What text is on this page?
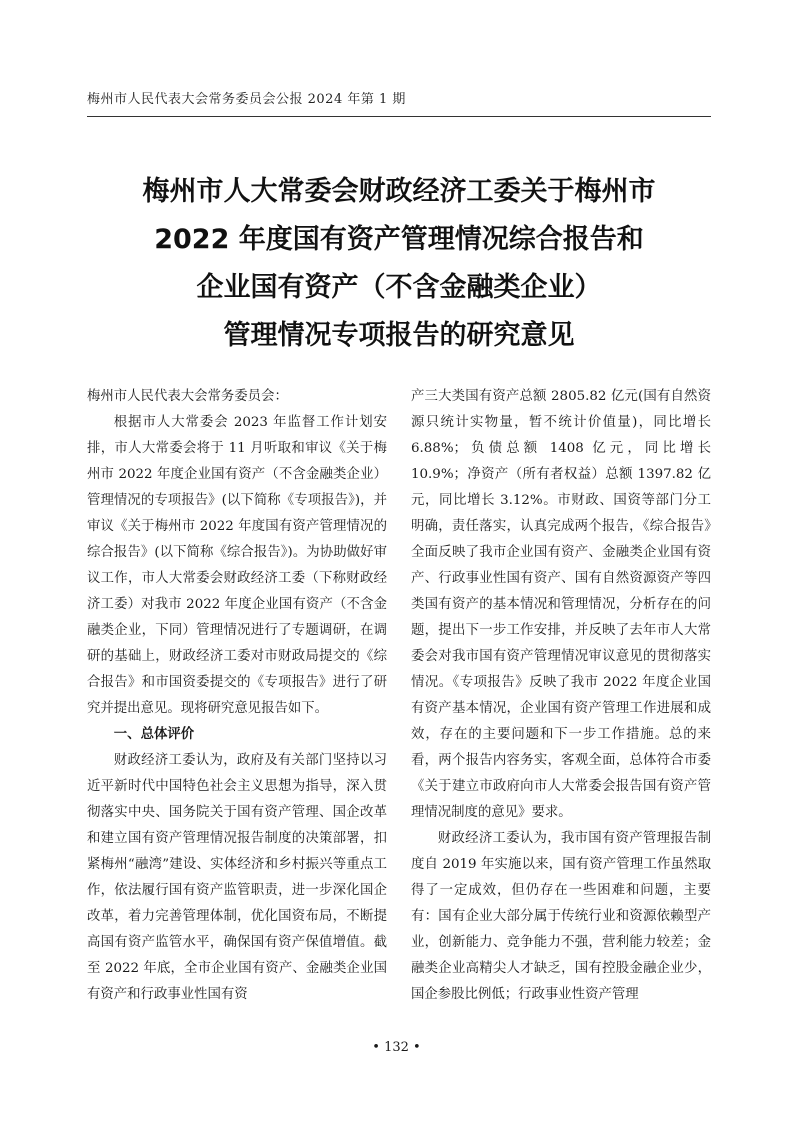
梅州市人民代表大会常务委员会公报 2024 年第 1 期
梅州市人大常委会财政经济工委关于梅州市
2022 年度国有资产管理情况综合报告和
企业国有资产（不含金融类企业）
管理情况专项报告的研究意见

梅州市人民代表大会常务委员会：

根据市人大常委会 2023 年监督工作计划安排，市人大常委会将于 11 月听取和审议《关于梅州市 2022 年度企业国有资产（不含金融类企业）管理情况的专项报告》(以下简称《专项报告》)，并审议《关于梅州市 2022 年度国有资产管理情况的综合报告》(以下简称《综合报告》)。为协助做好审议工作，市人大常委会财政经济工委（下称财政经济工委）对我市 2022 年度企业国有资产（不含金融类企业，下同）管理情况进行了专题调研，在调研的基础上，财政经济工委对市财政局提交的《综合报告》和市国资委提交的《专项报告》进行了研究并提出意见。现将研究意见报告如下。

一、总体评价

财政经济工委认为，政府及有关部门坚持以习近平新时代中国特色社会主义思想为指导，深入贯彻落实中央、国务院关于国有资产管理、国企改革和建立国有资产管理情况报告制度的决策部署，扣紧梅州“融湾”建设、实体经济和乡村振兴等重点工作，依法履行国有资产监管职责，进一步深化国企改革，着力完善管理体制，优化国资布局，不断提高国有资产监管水平，确保国有资产保值增值。截至 2022 年底，全市企业国有资产、金融类企业国有资产和行政事业性国有资

产三大类国有资产总额 2805.82 亿元(国有自然资源只统计实物量，暂不统计价值量)，同比增长 6.88%；负债总额 1408 亿元，同比增长 10.9%；净资产（所有者权益）总额 1397.82 亿元，同比增长 3.12%。市财政、国资等部门分工明确，责任落实，认真完成两个报告，《综合报告》全面反映了我市企业国有资产、金融类企业国有资产、行政事业性国有资产、国有自然资源资产等四类国有资产的基本情况和管理情况，分析存在的问题，提出下一步工作安排，并反映了去年市人大常委会对我市国有资产管理情况审议意见的贯彻落实情况。《专项报告》反映了我市 2022 年度企业国有资产基本情况，企业国有资产管理工作进展和成效，存在的主要问题和下一步工作措施。总的来看，两个报告内容务实，客观全面，总体符合市委《关于建立市政府向市人大常委会报告国有资产管理情况制度的意见》要求。

财政经济工委认为，我市国有资产管理报告制度自 2019 年实施以来，国有资产管理工作虽然取得了一定成效，但仍存在一些困难和问题，主要有：国有企业大部分属于传统行业和资源依赖型产业，创新能力、竞争能力不强，营利能力较差；金融类企业高精尖人才缺乏，国有控股金融企业少，国企参股比例低；行政事业性资产管理

• 132 •
